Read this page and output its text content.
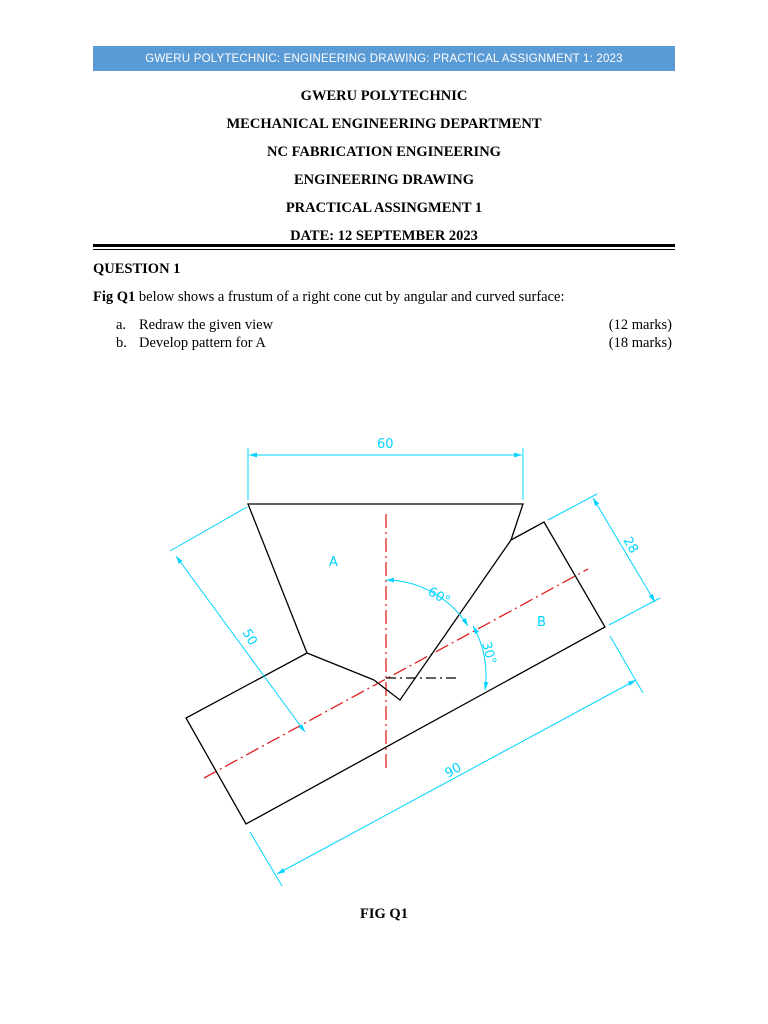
GWERU POLYTECHNIC: ENGINEERING DRAWING: PRACTICAL ASSIGNMENT 1: 2023
GWERU POLYTECHNIC
MECHANICAL ENGINEERING DEPARTMENT
NC FABRICATION ENGINEERING
ENGINEERING DRAWING
PRACTICAL ASSINGMENT 1
DATE: 12 SEPTEMBER 2023
QUESTION 1
Fig Q1 below shows a frustum of a right cone cut by angular and curved surface:
a. Redraw the given view	(12 marks)
b. Develop pattern for A	(18 marks)
60
28
50
90
60°
30°
A
B
FIG Q1
